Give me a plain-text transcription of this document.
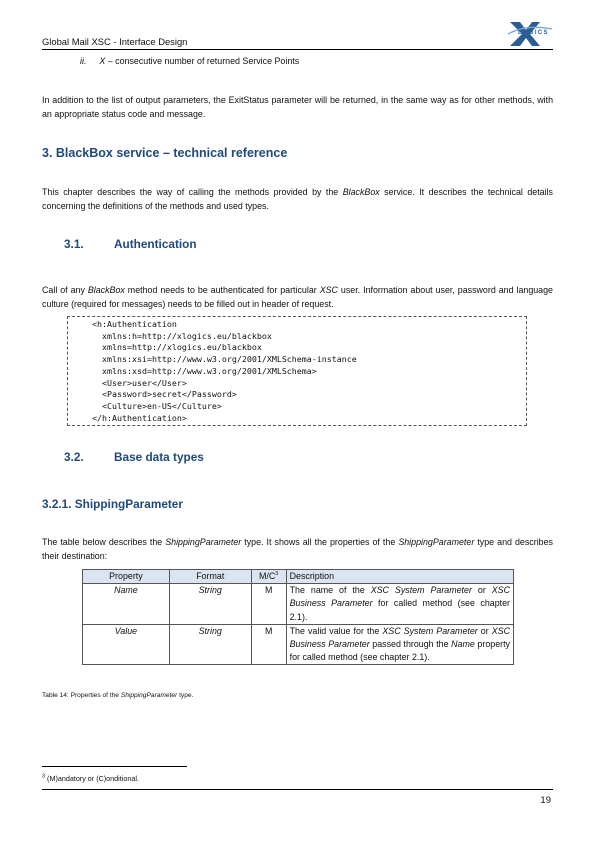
Global Mail XSC - Interface Design
LOGICS
ii. X – consecutive number of returned Service Points
In addition to the list of output parameters, the ExitStatus parameter will be returned, in the same way as for other methods, with an appropriate status code and message.
3. BlackBox service – technical reference
This chapter describes the way of calling the methods provided by the BlackBox service. It describes the technical details concerning the definitions of the methods and used types.
3.1.	Authentication
Call of any BlackBox method needs to be authenticated for particular XSC user. Information about user, password and language culture (required for messages) needs to be filled out in header of request.
<h:Authentication
xmlns:h=http://xlogics.eu/blackbox
xmlns=http://xlogics.eu/blackbox
xmlns:xsi=http://www.w3.org/2001/XMLSchema-instance
xmlns:xsd=http://www.w3.org/2001/XMLSchema>
<User>user</User>
<Password>secret</Password>
<Culture>en-US</Culture>
</h:Authentication>
3.2.	Base data types
3.2.1. ShippingParameter
The table below describes the ShippingParameter type. It shows all the properties of the ShippingParameter type and describes their destination:
Property	Format	$M/C^3$	Description
Name	String	M	The name of the XSC System Parameter or XSC Business Parameter for called method (see chapter 2.1).
Value	String	M	The valid value for the XSC System Parameter or XSC Business Parameter passed through the Name property for called method (see chapter 2.1).
Table 14: Properties of the ShippingParameter type.
$^3$ (M)andatory or (C)onditional.
19
